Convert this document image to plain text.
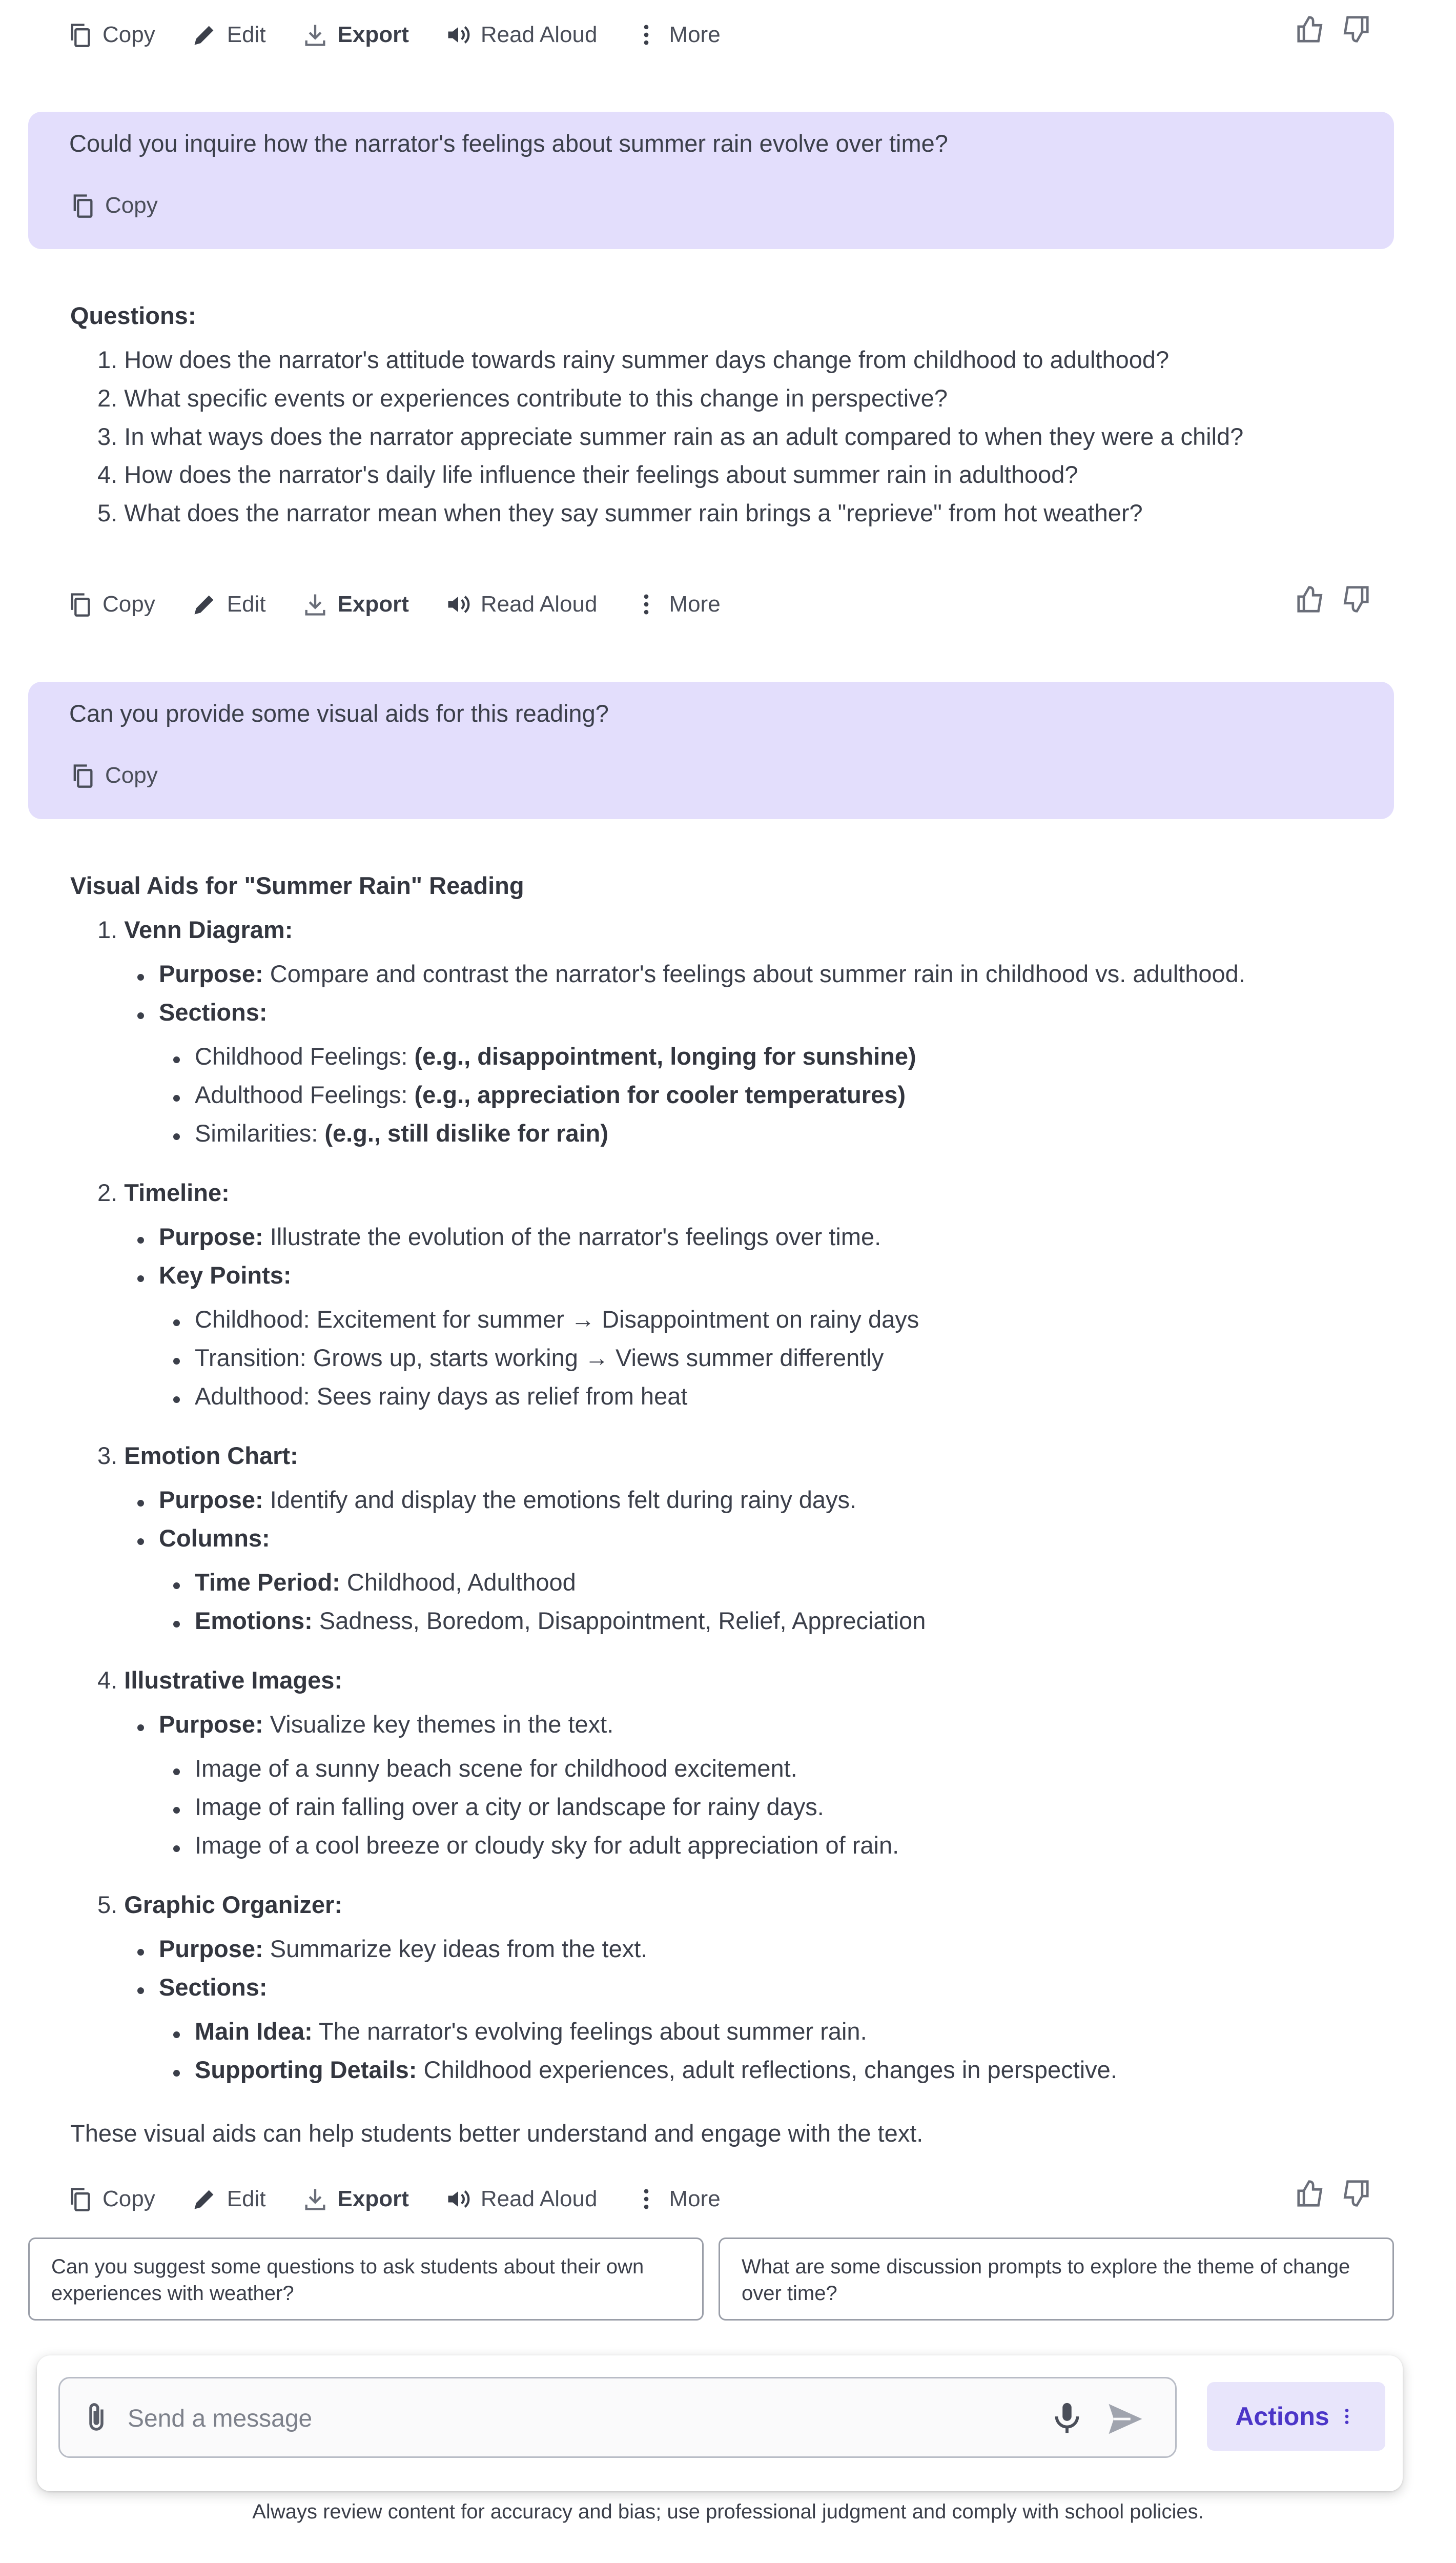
Copy	Edit	Export	Read Aloud	More
Could you inquire how the narrator's feelings about summer rain evolve over time?
Copy
Questions:
1. How does the narrator's attitude towards rainy summer days change from childhood to adulthood?
2. What specific events or experiences contribute to this change in perspective?
3. In what ways does the narrator appreciate summer rain as an adult compared to when they were a child?
4. How does the narrator's daily life influence their feelings about summer rain in adulthood?
5. What does the narrator mean when they say summer rain brings a "reprieve" from hot weather?
Copy	Edit	Export	Read Aloud	More
Can you provide some visual aids for this reading?
Copy
Visual Aids for "Summer Rain" Reading
1. Venn Diagram:
Purpose: Compare and contrast the narrator's feelings about summer rain in childhood vs. adulthood.
Sections:
Childhood Feelings: (e.g., disappointment, longing for sunshine)
Adulthood Feelings: (e.g., appreciation for cooler temperatures)
Similarities: (e.g., still dislike for rain)
2. Timeline:
Purpose: Illustrate the evolution of the narrator's feelings over time.
Key Points:
Childhood: Excitement for summer → Disappointment on rainy days
Transition: Grows up, starts working → Views summer differently
Adulthood: Sees rainy days as relief from heat
3. Emotion Chart:
Purpose: Identify and display the emotions felt during rainy days.
Columns:
Time Period: Childhood, Adulthood
Emotions: Sadness, Boredom, Disappointment, Relief, Appreciation
4. Illustrative Images:
Purpose: Visualize key themes in the text.
Image of a sunny beach scene for childhood excitement.
Image of rain falling over a city or landscape for rainy days.
Image of a cool breeze or cloudy sky for adult appreciation of rain.
5. Graphic Organizer:
Purpose: Summarize key ideas from the text.
Sections:
Main Idea: The narrator's evolving feelings about summer rain.
Supporting Details: Childhood experiences, adult reflections, changes in perspective.
These visual aids can help students better understand and engage with the text.
Copy	Edit	Export	Read Aloud	More
Can you suggest some questions to ask students about their own experiences with weather?
What are some discussion prompts to explore the theme of change over time?
Send a message
Actions
Always review content for accuracy and bias; use professional judgment and comply with school policies.
